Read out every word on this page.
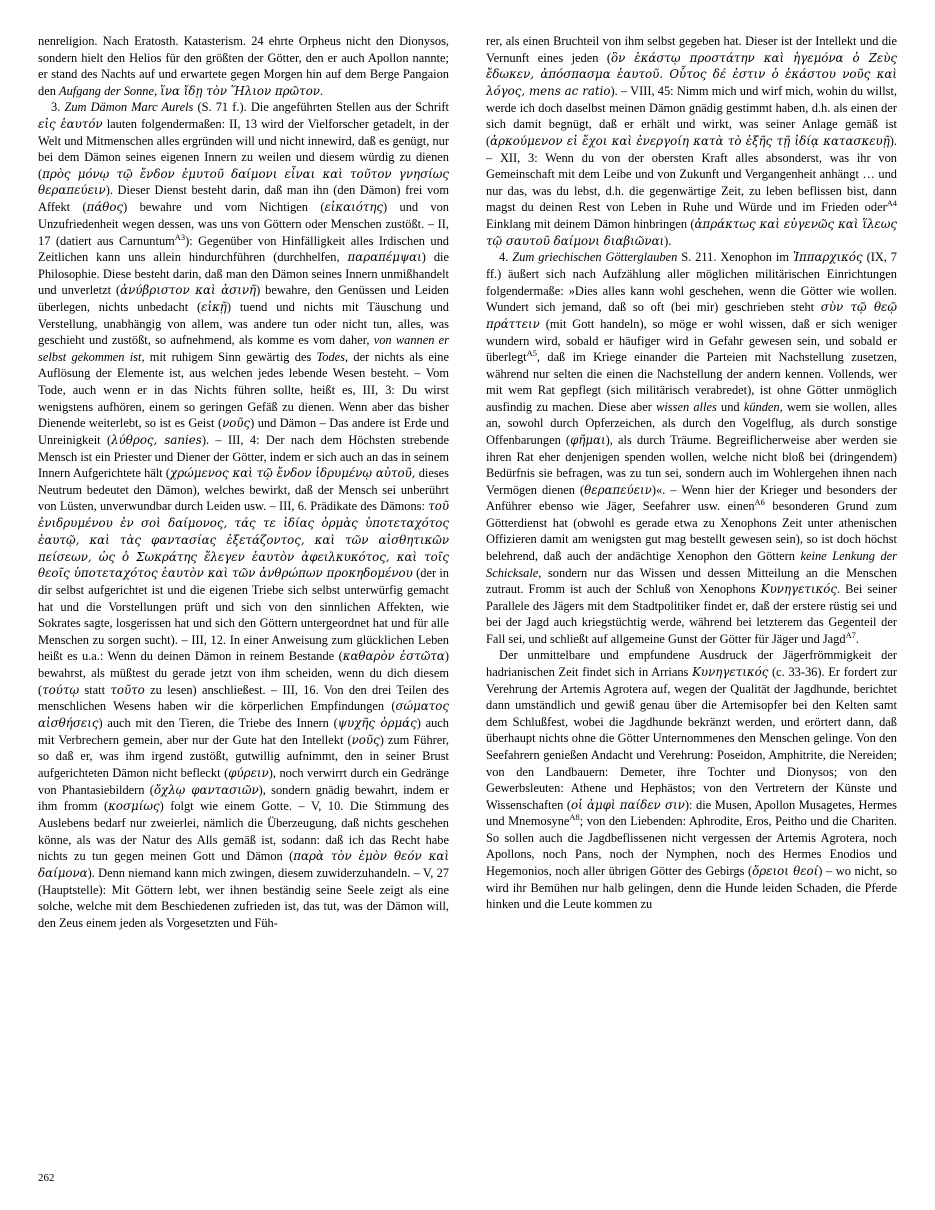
nenreligion. Nach Eratosth. Katasterism. 24 ehrte Orpheus nicht den Dionysos, sondern hielt den Helios für den größten der Götter, den er auch Apollon nannte; er stand des Nachts auf und erwartete gegen Morgen hin auf dem Berge Pangaion den Aufgang der Sonne, ἵνα ἴδῃ τὸν Ἥλιον πρῶτον.

3. Zum Dämon Marc Aurels (S. 71 f.). Die angeführten Stellen aus der Schrift εἰς ἑαυτόν lauten folgendermaßen: II, 13 wird der Vielforscher getadelt, in der Welt und Mitmenschen alles ergründen will und nicht innewird, daß es genügt, nur bei dem Dämon seines eigenen Innern zu weilen und diesem würdig zu dienen (πρὸς μόνῳ τῷ ἔνδον ἐμυτοῦ δαίμονι εἶναι καὶ τοῦτον γνησίως θεραπεύειν). Dieser Dienst besteht darin, daß man ihn (den Dämon) frei vom Affekt (πάθος) bewahre und vom Nichtigen (εἰκαιότης) und von Unzufriedenheit wegen dessen, was uns von Göttern oder Menschen zustößt. – II, 17 (datiert aus Carnuntum$^{A3}$): Gegenüber von Hinfälligkeit alles Irdischen und Zeitlichen kann uns allein hindurchführen (durchhelfen, παραπέμψαι) die Philosophie. Diese besteht darin, daß man den Dämon seines Innern unmißhandelt und unverletzt (ἀνύβριστον καὶ ἀσινῆ) bewahre, den Genüssen und Leiden überlegen, nichts unbedacht (εἰκῇ) tuend und nichts mit Täuschung und Verstellung, unabhängig von allem, was andere tun oder nicht tun, alles, was geschieht und zustößt, so aufnehmend, als komme es vom daher, von wannen er selbst gekommen ist, mit ruhigem Sinn gewärtig des Todes, der nichts als eine Auflösung der Elemente ist, aus welchen jedes lebende Wesen besteht. – Vom Tode, auch wenn er in das Nichts führen sollte, heißt es, III, 3: Du wirst wenigstens aufhören, einem so geringen Gefäß zu dienen. Wenn aber das bisher Dienende weiterlebt, so ist es Geist (νοῦς) und Dämon – Das andere ist Erde und Unreinigkeit (λύθρος, sanies). – III, 4: Der nach dem Höchsten strebende Mensch ist ein Priester und Diener der Götter, indem er sich auch an das in seinem Innern Aufgerichtete hält (χρώμενος καὶ τῷ ἔνδον ἱδρυμένῳ αὐτοῦ, dieses Neutrum bedeutet den Dämon), welches bewirkt, daß der Mensch sei unberührt von Lüsten, unverwundbar durch Leiden usw. – III, 6. Prädikate des Dämons: τοῦ ἐνιδρυμένου ἐν σοὶ δαίμονος, τάς τε ἰδίας ὁρμὰς ὑποτεταχότος ἑαυτῷ, καὶ τὰς φαντασίας ἐξετάζοντος, καὶ τῶν αἰσθητικῶν πείσεων, ὡς ὁ Σωκράτης ἔλεγεν ἑαυτὸν ἀφειλκυκότος, καὶ τοῖς θεοῖς ὑποτεταχότος ἑαυτὸν καὶ τῶν ἀνθρώπων προκηδομένου (der in dir selbst aufgerichtet ist und die eigenen Triebe sich selbst unterwürfig gemacht hat und die Vorstellungen prüft und sich von den sinnlichen Affekten, wie Sokrates sagte, losgerissen hat und sich den Göttern untergeordnet hat und für alle Menschen zu sorgen sucht). – III, 12. In einer Anweisung zum glücklichen Leben heißt es u.a.: Wenn du deinen Dämon in reinem Bestande (καθαρὸν ἑστῶτα) bewahrst, als müßtest du gerade jetzt von ihm scheiden, wenn du dich diesem (τούτῳ statt τοῦτο zu lesen) anschließest. – III, 16. Von den drei Teilen des menschlichen Wesens haben wir die körperlichen Empfindungen (σώματος αἰσθήσεις) auch mit den Tieren, die Triebe des Innern (ψυχῆς ὁρμάς) auch mit Verbrechern gemein, aber nur der Gute hat den Intellekt (νοῦς) zum Führer, so daß er, was ihm irgend zustößt, gutwillig aufnimmt, den in seiner Brust aufgerichteten Dämon nicht befleckt (φύρειν), noch verwirrt durch ein Gedränge von Phantasiebildern (ὄχλῳ φαντασιῶν), sondern gnädig bewahrt, indem er ihm fromm (κοσμίως) folgt wie einem Gotte. – V, 10. Die Stimmung des Auslebens bedarf nur zweierlei, nämlich die Überzeugung, daß nichts geschehen könne, als was der Natur des Alls gemäß ist, sodann: daß ich das Recht habe nichts zu tun gegen meinen Gott und Dämon (παρὰ τὸν ἐμὸν θεόν καὶ δαίμονα). Denn niemand kann mich zwingen, diesem zuwiderzuhandeln. – V, 27 (Hauptstelle): Mit Göttern lebt, wer ihnen beständig seine Seele zeigt als eine solche, welche mit dem Beschiedenen zufrieden ist, das tut, was der Dämon will, den Zeus einem jeden als Vorgesetzten und Füh-

rer, als einen Bruchteil von ihm selbst gegeben hat. Dieser ist der Intellekt und die Vernunft eines jeden (ὃν ἑκάστῳ προστάτην καὶ ἡγεμόνα ὁ Ζεὺς ἔδωκεν, ἀπόσπασμα ἑαυτοῦ. Οὗτος δέ ἐστιν ὁ ἑκάστου νοῦς καὶ λόγος, mens ac ratio). – VIII, 45: Nimm mich und wirf mich, wohin du willst, werde ich doch daselbst meinen Dämon gnädig gestimmt haben, d.h. als einen der sich damit begnügt, daß er erhält und wirkt, was seiner Anlage gemäß ist (ἀρκούμενον εἰ ἔχοι καὶ ἐνεργοίη κατὰ τὸ ἑξῆς τῇ ἰδίᾳ κατασκευῇ). – XII, 3: Wenn du von der obersten Kraft alles absonderst, was ihr von Gemeinschaft mit dem Leibe und von Zukunft und Vergangenheit anhängt … und nur das, was du lebst, d.h. die gegenwärtige Zeit, zu leben beflissen bist, dann magst du deinen Rest von Leben in Ruhe und Würde und im Frieden oder$^{A4}$ Einklang mit deinem Dämon hinbringen (ἀπράκτως καὶ εὐγενῶς καὶ ἵλεως τῷ σαυτοῦ δαίμονι διαβιῶναι).

4. Zum griechischen Götterglauben S. 211. Xenophon im Ἱππαρχικός (IX, 7 ff.) äußert sich nach Aufzählung aller möglichen militärischen Einrichtungen folgendermaße: »Dies alles kann wohl geschehen, wenn die Götter wie wollen. Wundert sich jemand, daß so oft (bei mir) geschrieben steht σὺν τῷ θεῷ πράττειν (mit Gott handeln), so möge er wohl wissen, daß er sich weniger wundern wird, sobald er häufiger wird in Gefahr gewesen sein, und sobald er überlegt$^{A5}$, daß im Kriege einander die Parteien mit Nachstellung zusetzen, während nur selten die einen die Nachstellung der andern kennen. Vollends, wer mit wem Rat gepflegt (sich militärisch verabredet), ist ohne Götter unmöglich ausfindig zu machen. Diese aber wissen alles und künden, wem sie wollen, alles an, sowohl durch Opferzeichen, als durch den Vogelflug, als durch sonstige Offenbarungen (φῆμαι), als durch Träume. Begreiflicherweise aber werden sie ihren Rat eher denjenigen spenden wollen, welche nicht bloß bei (dringendem) Bedürfnis sie befragen, was zu tun sei, sondern auch im Wohlergehen ihnen nach Vermögen dienen (θεραπεύειν)«. – Wenn hier der Krieger und besonders der Anführer ebenso wie Jäger, Seefahrer usw. einen$^{A6}$ besonderen Grund zum Götterdienst hat (obwohl es gerade etwa zu Xenophons Zeit unter athenischen Offizieren damit am wenigsten gut mag bestellt gewesen sein), so ist doch höchst belehrend, daß auch der andächtige Xenophon den Göttern keine Lenkung der Schicksale, sondern nur das Wissen und dessen Mitteilung an die Menschen zutraut. Fromm ist auch der Schluß von Xenophons Κυνηγετικός. Bei seiner Parallele des Jägers mit dem Stadtpolitiker findet er, daß der erstere rüstig sei und bei der Jagd auch kriegstüchtig werde, während bei letzterem das Gegenteil der Fall sei, und schließt auf allgemeine Gunst der Götter für Jäger und Jagd$^{A7}$.

Der unmittelbare und empfundene Ausdruck der Jägerfrömmigkeit der hadrianischen Zeit findet sich in Arrians Κυνηγετικός (c. 33-36). Er fordert zur Verehrung der Artemis Agrotera auf, wegen der Qualität der Jagdhunde, berichtet dann umständlich und gewiß genau über die Artemisopfer bei den Kelten samt dem Schlußfest, wobei die Jagdhunde bekränzt werden, und erörtert dann, daß überhaupt nichts ohne die Götter Unternommenes den Menschen gelinge. Von den Seefahrern genießen Andacht und Verehrung: Poseidon, Amphitrite, die Nereiden; von den Landbauern: Demeter, ihre Tochter und Dionysos; von den Gewerbsleuten: Athene und Hephästos; von den Vertretern der Künste und Wissenschaften (οἱ ἀμφὶ παίδεν σιν): die Musen, Apollon Musagetes, Hermes und Mnemosyne$^{A8}$; von den Liebenden: Aphrodite, Eros, Peitho und die Chariten. So sollen auch die Jagdbeflissenen nicht vergessen der Artemis Agrotera, noch Apollons, noch Pans, noch der Nymphen, noch des Hermes Enodios und Hegemonios, noch aller übrigen Götter des Gebirgs (ὄρειοι θεοί) – wo nicht, so wird ihr Bemühen nur halb gelingen, denn die Hunde leiden Schaden, die Pferde hinken und die Leute kommen zu

262
